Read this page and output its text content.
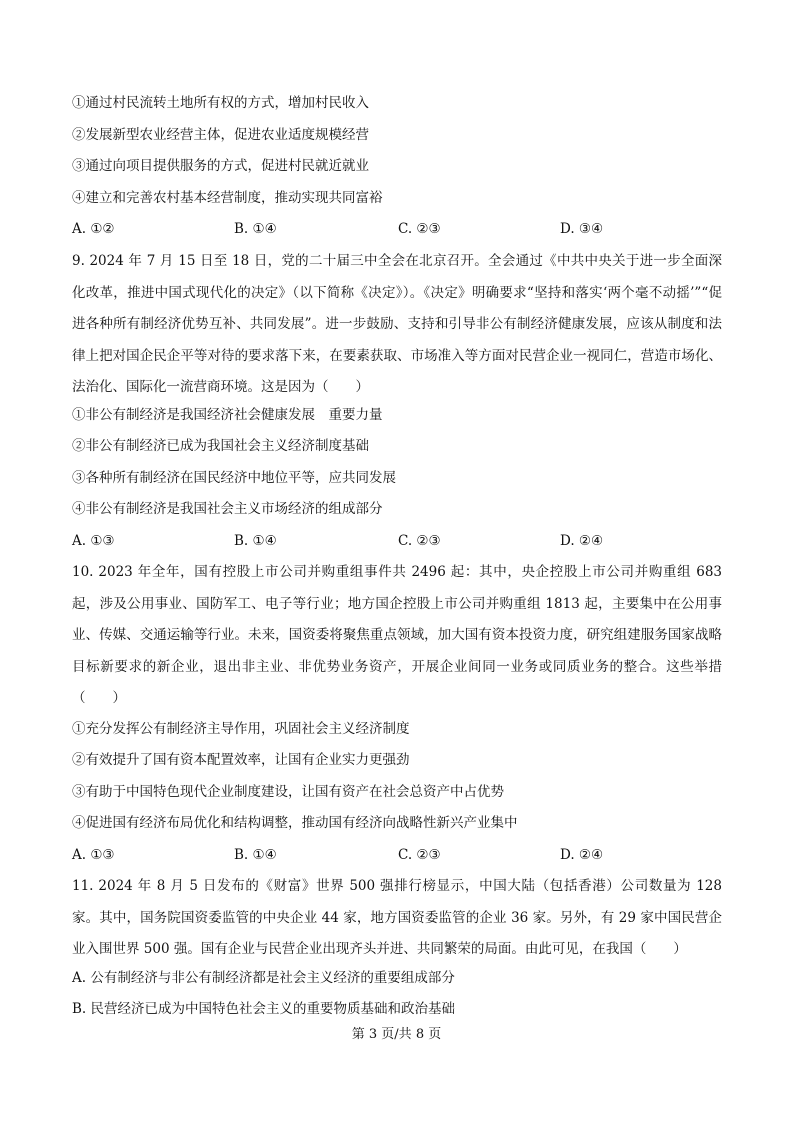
①通过村民流转土地所有权的方式，增加村民收入
②发展新型农业经营主体，促进农业适度规模经营
③通过向项目提供服务的方式，促进村民就近就业
④建立和完善农村基本经营制度，推动实现共同富裕
A. ①②	B. ①④	C. ②③	D. ③④
9. 2024 年 7 月 15 日至 18 日，党的二十届三中全会在北京召开。全会通过《中共中央关于进一步全面深化改革，推进中国式现代化的决定》（以下简称《决定》）。《决定》明确要求“坚持和落实‘两个毫不动摇’”“促进各种所有制经济优势互补、共同发展”。进一步鼓励、支持和引导非公有制经济健康发展，应该从制度和法律上把对国企民企平等对待的要求落下来，在要素获取、市场准入等方面对民营企业一视同仁，营造市场化、法治化、国际化一流营商环境。这是因为（　　）
①非公有制经济是我国经济社会健康发展　重要力量
②非公有制经济已成为我国社会主义经济制度基础
③各种所有制经济在国民经济中地位平等，应共同发展
④非公有制经济是我国社会主义市场经济的组成部分
A. ①③	B. ①④	C. ②③	D. ②④
10. 2023 年全年，国有控股上市公司并购重组事件共 2496 起：其中，央企控股上市公司并购重组 683 起，涉及公用事业、国防军工、电子等行业；地方国企控股上市公司并购重组 1813 起，主要集中在公用事业、传媒、交通运输等行业。未来，国资委将聚焦重点领域，加大国有资本投资力度，研究组建服务国家战略目标新要求的新企业，退出非主业、非优势业务资产，开展企业间同一业务或同质业务的整合。这些举措（　　）
①充分发挥公有制经济主导作用，巩固社会主义经济制度
②有效提升了国有资本配置效率，让国有企业实力更强劲
③有助于中国特色现代企业制度建设，让国有资产在社会总资产中占优势
④促进国有经济布局优化和结构调整，推动国有经济向战略性新兴产业集中
A. ①③	B. ①④	C. ②③	D. ②④
11. 2024 年 8 月 5 日发布的《财富》世界 500 强排行榜显示，中国大陆（包括香港）公司数量为 128 家。其中，国务院国资委监管的中央企业 44 家，地方国资委监管的企业 36 家。另外，有 29 家中国民营企业入围世界 500 强。国有企业与民营企业出现齐头并进、共同繁荣的局面。由此可见，在我国（　　）
A. 公有制经济与非公有制经济都是社会主义经济的重要组成部分
B. 民营经济已成为中国特色社会主义的重要物质基础和政治基础
第 3 页/共 8 页
